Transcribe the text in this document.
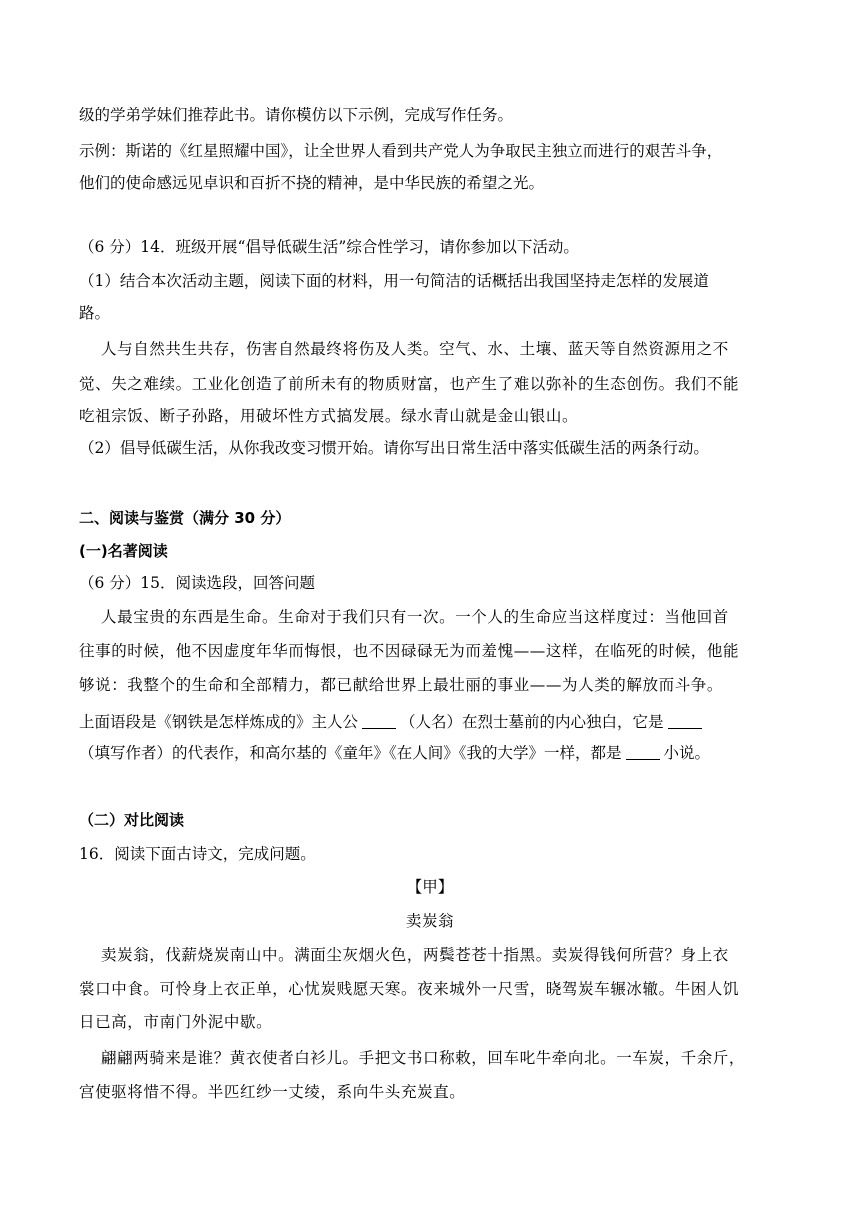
级的学弟学妹们推荐此书。请你模仿以下示例，完成写作任务。
示例：斯诺的《红星照耀中国》，让全世界人看到共产党人为争取民主独立而进行的艰苦斗争，
他们的使命感远见卓识和百折不挠的精神，是中华民族的希望之光。
（6 分）14．班级开展“倡导低碳生活”综合性学习，请你参加以下活动。
（1）结合本次活动主题，阅读下面的材料，用一句简洁的话概括出我国坚持走怎样的发展道
路。
人与自然共生共存，伤害自然最终将伤及人类。空气、水、土壤、蓝天等自然资源用之不
觉、失之难续。工业化创造了前所未有的物质财富，也产生了难以弥补的生态创伤。我们不能
吃祖宗饭、断子孙路，用破坏性方式搞发展。绿水青山就是金山银山。
（2）倡导低碳生活，从你我改变习惯开始。请你写出日常生活中落实低碳生活的两条行动。
二、阅读与鉴赏（满分 30 分）
(一)名著阅读
（6 分）15．阅读选段，回答问题
人最宝贵的东西是生命。生命对于我们只有一次。一个人的生命应当这样度过：当他回首
往事的时候，他不因虚度年华而悔恨，也不因碌碌无为而羞愧——这样，在临死的时候，他能
够说：我整个的生命和全部精力，都已献给世界上最壮丽的事业——为人类的解放而斗争。
上面语段是《钢铁是怎样炼成的》主人公	（人名）在烈士墓前的内心独白，它是
（填写作者）的代表作，和高尔基的《童年》《在人间》《我的大学》一样，都是	小说。
（二）对比阅读
16．阅读下面古诗文，完成问题。
【甲】
卖炭翁
卖炭翁，伐薪烧炭南山中。满面尘灰烟火色，两鬓苍苍十指黑。卖炭得钱何所营？身上衣
裳口中食。可怜身上衣正单，心忧炭贱愿天寒。夜来城外一尺雪，晓驾炭车辗冰辙。牛困人饥
日已高，市南门外泥中歇。
翩翩两骑来是谁？黄衣使者白衫儿。手把文书口称敕，回车叱牛牵向北。一车炭，千余斤，
宫使驱将惜不得。半匹红纱一丈绫，系向牛头充炭直。
